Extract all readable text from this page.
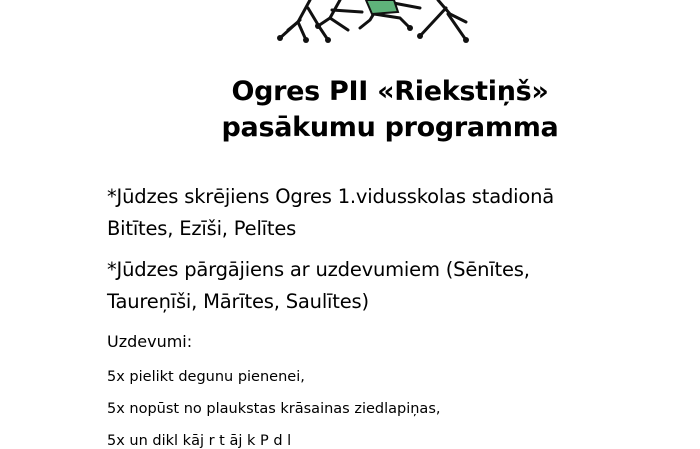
Ogres PII «Riekstiņš»
pasākumu programma
*Jūdzes skrējiens Ogres 1.vidusskolas stadionā
Bitītes, Ezīši, Pelītes
*Jūdzes pārgājiens ar uzdevumiem (Sēnītes,
Taureņīši, Mārītes, Saulītes)
Uzdevumi:
5x pielikt degunu pienenei,
5x nopūst no plaukstas krāsainas ziedlapiņas,
5x un dikl kāj r t āj k P d l
